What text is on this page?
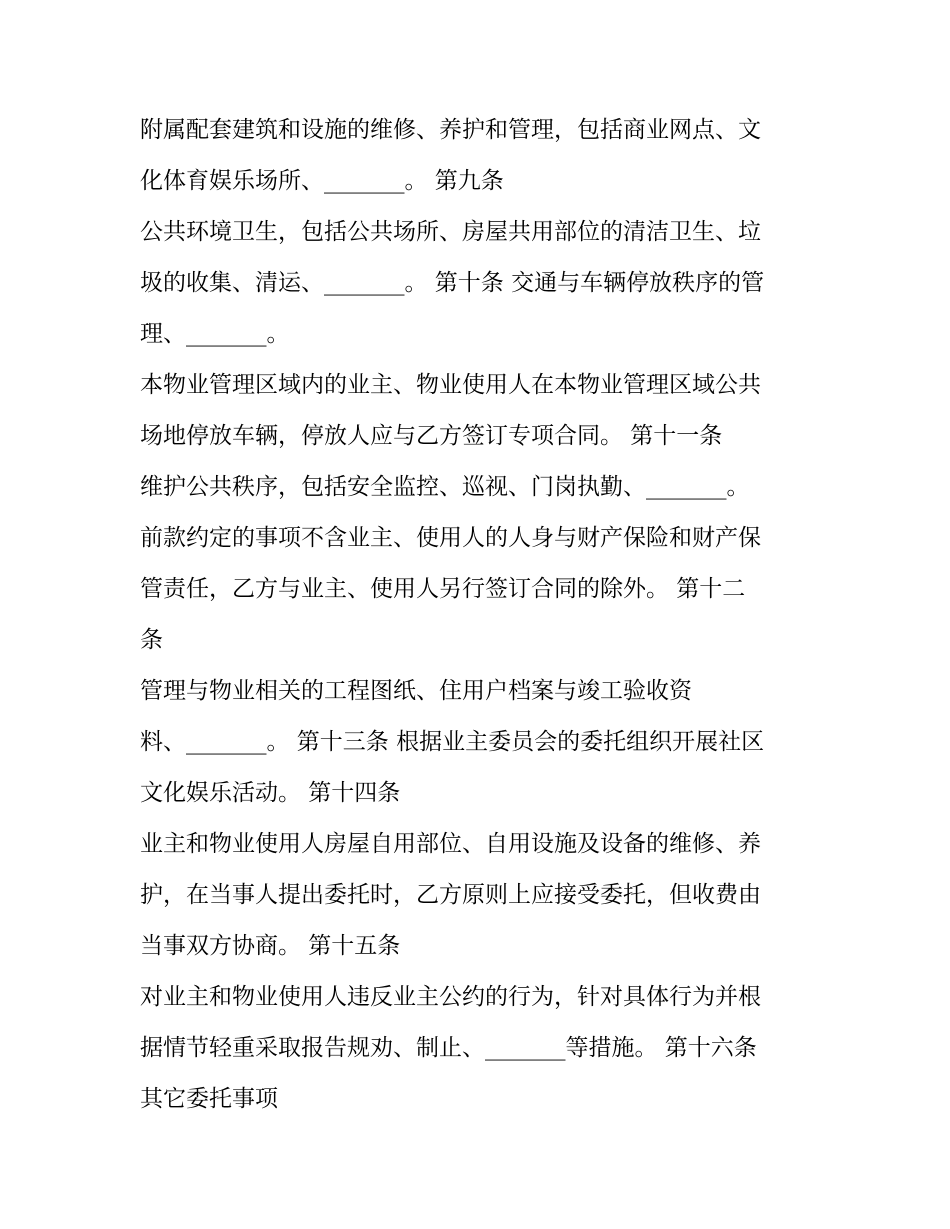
附属配套建筑和设施的维修、养护和管理，包括商业网点、文

化体育娱乐场所、_______。 第九条

公共环境卫生，包括公共场所、房屋共用部位的清洁卫生、垃

圾的收集、清运、_______。 第十条 交通与车辆停放秩序的管

理、_______。

本物业管理区域内的业主、物业使用人在本物业管理区域公共

场地停放车辆，停放人应与乙方签订专项合同。 第十一条

维护公共秩序，包括安全监控、巡视、门岗执勤、_______。

前款约定的事项不含业主、使用人的人身与财产保险和财产保

管责任，乙方与业主、使用人另行签订合同的除外。 第十二

条

管理与物业相关的工程图纸、住用户档案与竣工验收资

料、_______。 第十三条 根据业主委员会的委托组织开展社区

文化娱乐活动。 第十四条

业主和物业使用人房屋自用部位、自用设施及设备的维修、养

护，在当事人提出委托时，乙方原则上应接受委托，但收费由

当事双方协商。 第十五条

对业主和物业使用人违反业主公约的行为，针对具体行为并根

据情节轻重采取报告规劝、制止、_______等措施。 第十六条

其它委托事项
